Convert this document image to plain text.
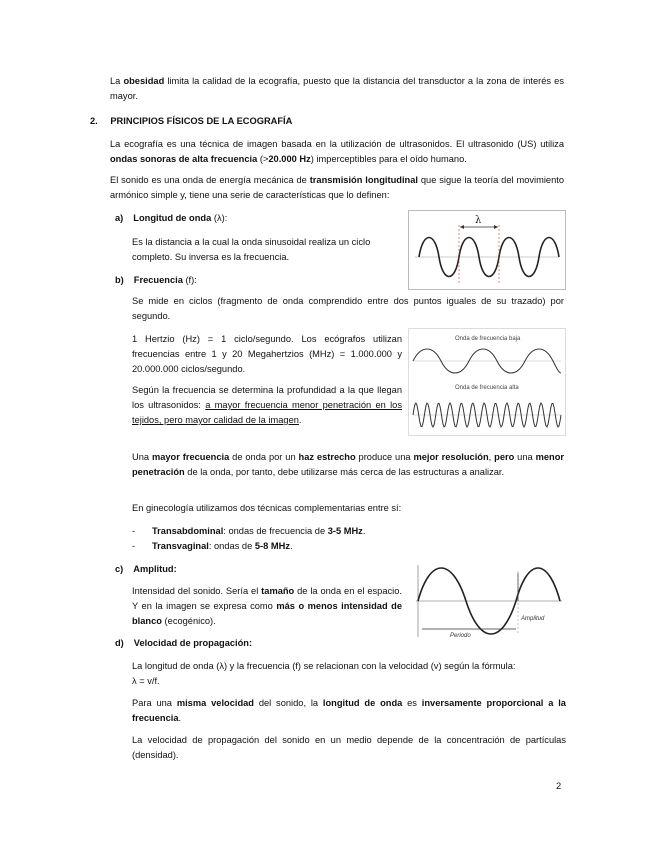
La obesidad limita la calidad de la ecografía, puesto que la distancia del transductor a la zona de interés es mayor.

2. PRINCIPIOS FÍSICOS DE LA ECOGRAFÍA

La ecografía es una técnica de imagen basada en la utilización de ultrasonidos. El ultrasonido (US) utiliza ondas sonoras de alta frecuencia (>20.000 Hz) imperceptibles para el oído humano.

El sonido es una onda de energía mecánica de transmisión longitudinal que sigue la teoría del movimiento armónico simple y, tiene una serie de características que lo definen:

a) Longitud de onda (λ):

Es la distancia a la cual la onda sinusoidal realiza un ciclo completo. Su inversa es la frecuencia.

λ
b) Frecuencia (f):

Se mide en ciclos (fragmento de onda comprendido entre dos puntos iguales de su trazado) por segundo.

1 Hertzio (Hz) = 1 ciclo/segundo. Los ecógrafos utilizan frecuencias entre 1 y 20 Megahertzios (MHz) = 1.000.000 y 20.000.000 ciclos/segundo.

Según la frecuencia se determina la profundidad a la que llegan los ultrasonidos: a mayor frecuencia menor penetración en los tejidos, pero mayor calidad de la imagen.

Onda de frecuencia baja
Onda de frecuencia alta

Una mayor frecuencia de onda por un haz estrecho produce una mejor resolución, pero una menor penetración de la onda, por tanto, debe utilizarse más cerca de las estructuras a analizar.

En ginecología utilizamos dos técnicas complementarias entre sí:

- Transabdominal: ondas de frecuencia de 3-5 MHz.
- Transvaginal: ondas de 5-8 MHz.
c) Amplitud:

Intensidad del sonido. Sería el tamaño de la onda en el espacio. Y en la imagen se expresa como más o menos intensidad de blanco (ecogénico).	Amplitud
Periodo
d) Velocidad de propagación:

La longitud de onda (λ) y la frecuencia (f) se relacionan con la velocidad (v) según la fórmula:
λ = v/f.

Para una misma velocidad del sonido, la longitud de onda es inversamente proporcional a la frecuencia.

La velocidad de propagación del sonido en un medio depende de la concentración de partículas (densidad).

2
